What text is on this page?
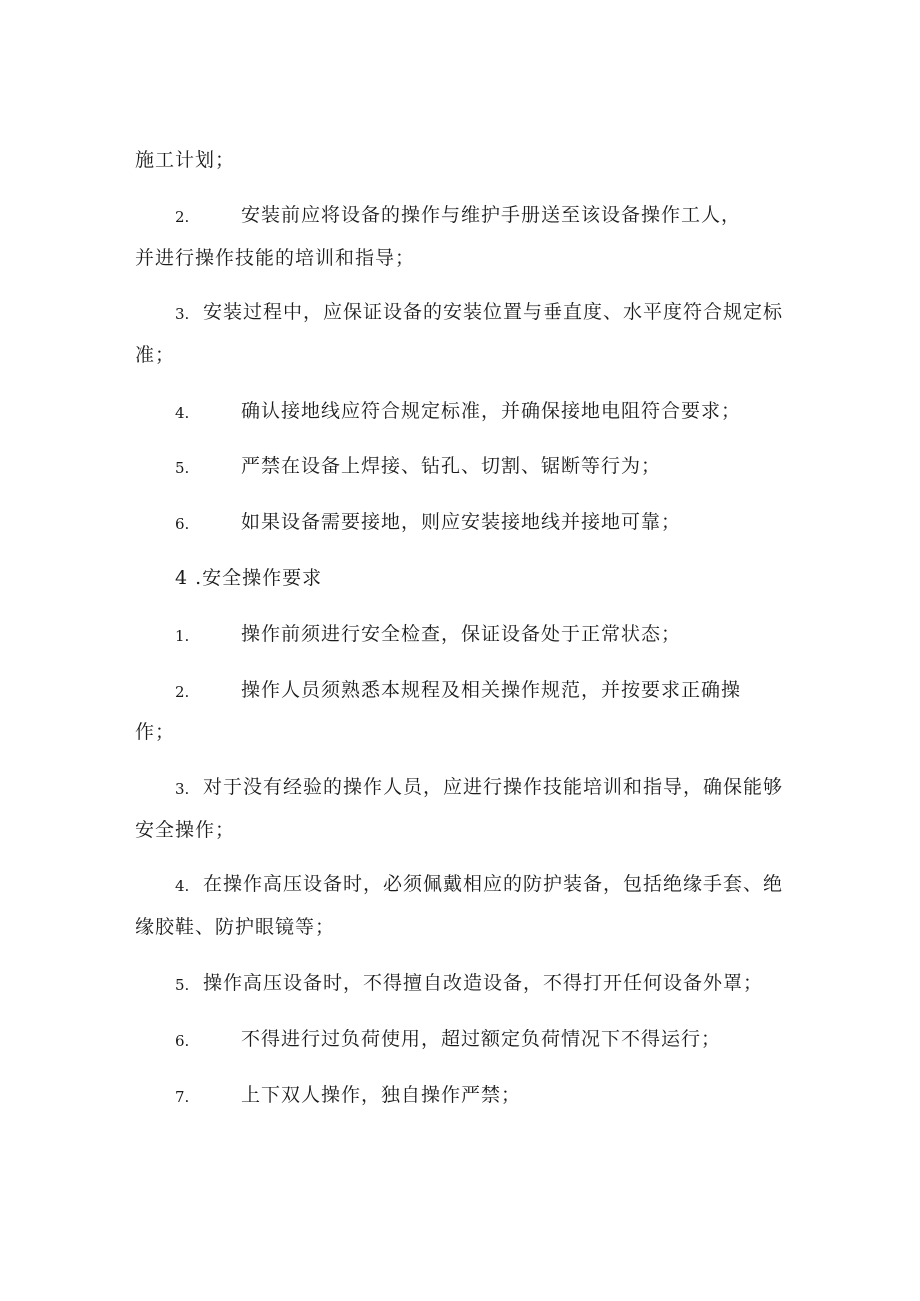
施工计划；
2.	安装前应将设备的操作与维护手册送至该设备操作工人，
并进行操作技能的培训和指导；
3. 安装过程中，应保证设备的安装位置与垂直度、水平度符合规定标
准；
4.	确认接地线应符合规定标准，并确保接地电阻符合要求；
5.	严禁在设备上焊接、钻孔、切割、锯断等行为；
6.	如果设备需要接地，则应安装接地线并接地可靠；
4 .安全操作要求
1.	操作前须进行安全检查，保证设备处于正常状态；
2.	操作人员须熟悉本规程及相关操作规范，并按要求正确操
作；
3. 对于没有经验的操作人员，应进行操作技能培训和指导，确保能够
安全操作；
4. 在操作高压设备时，必须佩戴相应的防护装备，包括绝缘手套、绝
缘胶鞋、防护眼镜等；
5. 操作高压设备时，不得擅自改造设备，不得打开任何设备外罩；
6.	不得进行过负荷使用，超过额定负荷情况下不得运行；
7.	上下双人操作，独自操作严禁；
